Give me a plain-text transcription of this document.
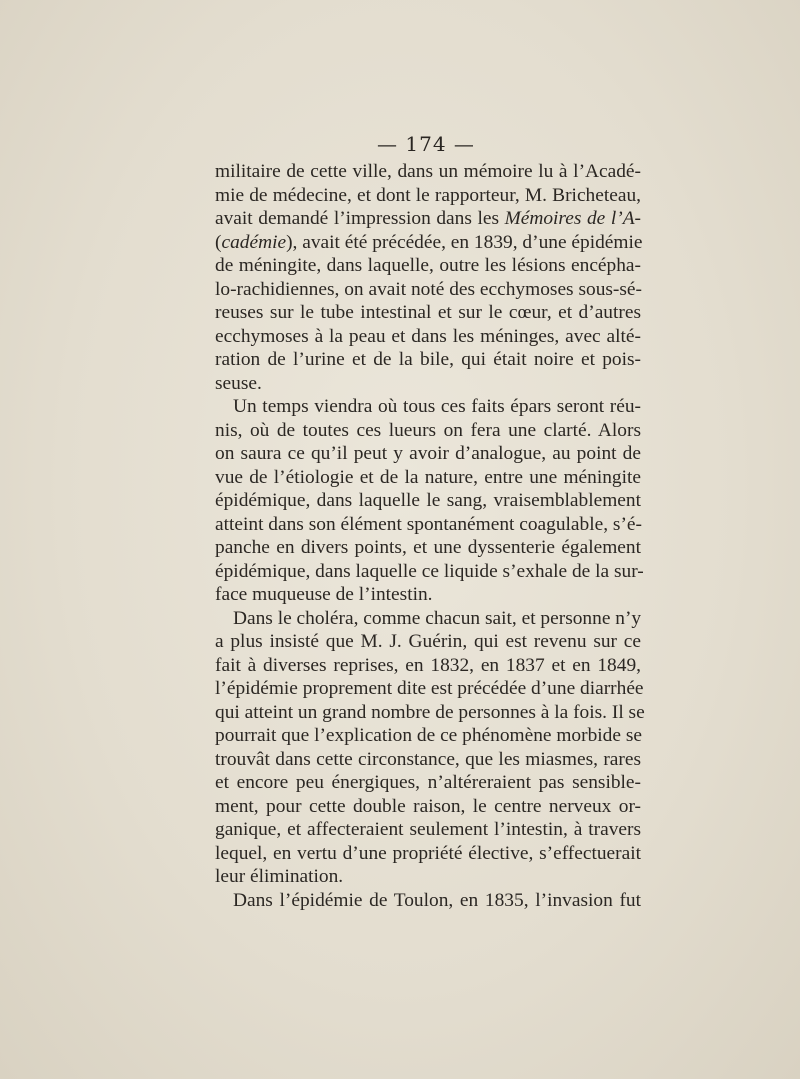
— 174 —

militaire de cette ville, dans un mémoire lu à l’Acadé-
mie de médecine, et dont le rapporteur, M. Bricheteau,
avait demandé l’impression dans les Mémoires de l’A-
(cadémie), avait été précédée, en 1839, d’une épidémie
de méningite, dans laquelle, outre les lésions encépha-
lo-rachidiennes, on avait noté des ecchymoses sous-sé-
reuses sur le tube intestinal et sur le cœur, et d’autres
ecchymoses à la peau et dans les méninges, avec alté-
ration de l’urine et de la bile, qui était noire et pois-
seuse.

Un temps viendra où tous ces faits épars seront réu-
nis, où de toutes ces lueurs on fera une clarté. Alors
on saura ce qu’il peut y avoir d’analogue, au point de
vue de l’étiologie et de la nature, entre une méningite
épidémique, dans laquelle le sang, vraisemblablement
atteint dans son élément spontanément coagulable, s’é-
panche en divers points, et une dyssenterie également
épidémique, dans laquelle ce liquide s’exhale de la sur-
face muqueuse de l’intestin.

Dans le choléra, comme chacun sait, et personne n’y
a plus insisté que M. J. Guérin, qui est revenu sur ce
fait à diverses reprises, en 1832, en 1837 et en 1849,
l’épidémie proprement dite est précédée d’une diarrhée
qui atteint un grand nombre de personnes à la fois. Il se
pourrait que l’explication de ce phénomène morbide se
trouvât dans cette circonstance, que les miasmes, rares
et encore peu énergiques, n’altéreraient pas sensible-
ment, pour cette double raison, le centre nerveux or-
ganique, et affecteraient seulement l’intestin, à travers
lequel, en vertu d’une propriété élective, s’effectuerait
leur élimination.

Dans l’épidémie de Toulon, en 1835, l’invasion fut
